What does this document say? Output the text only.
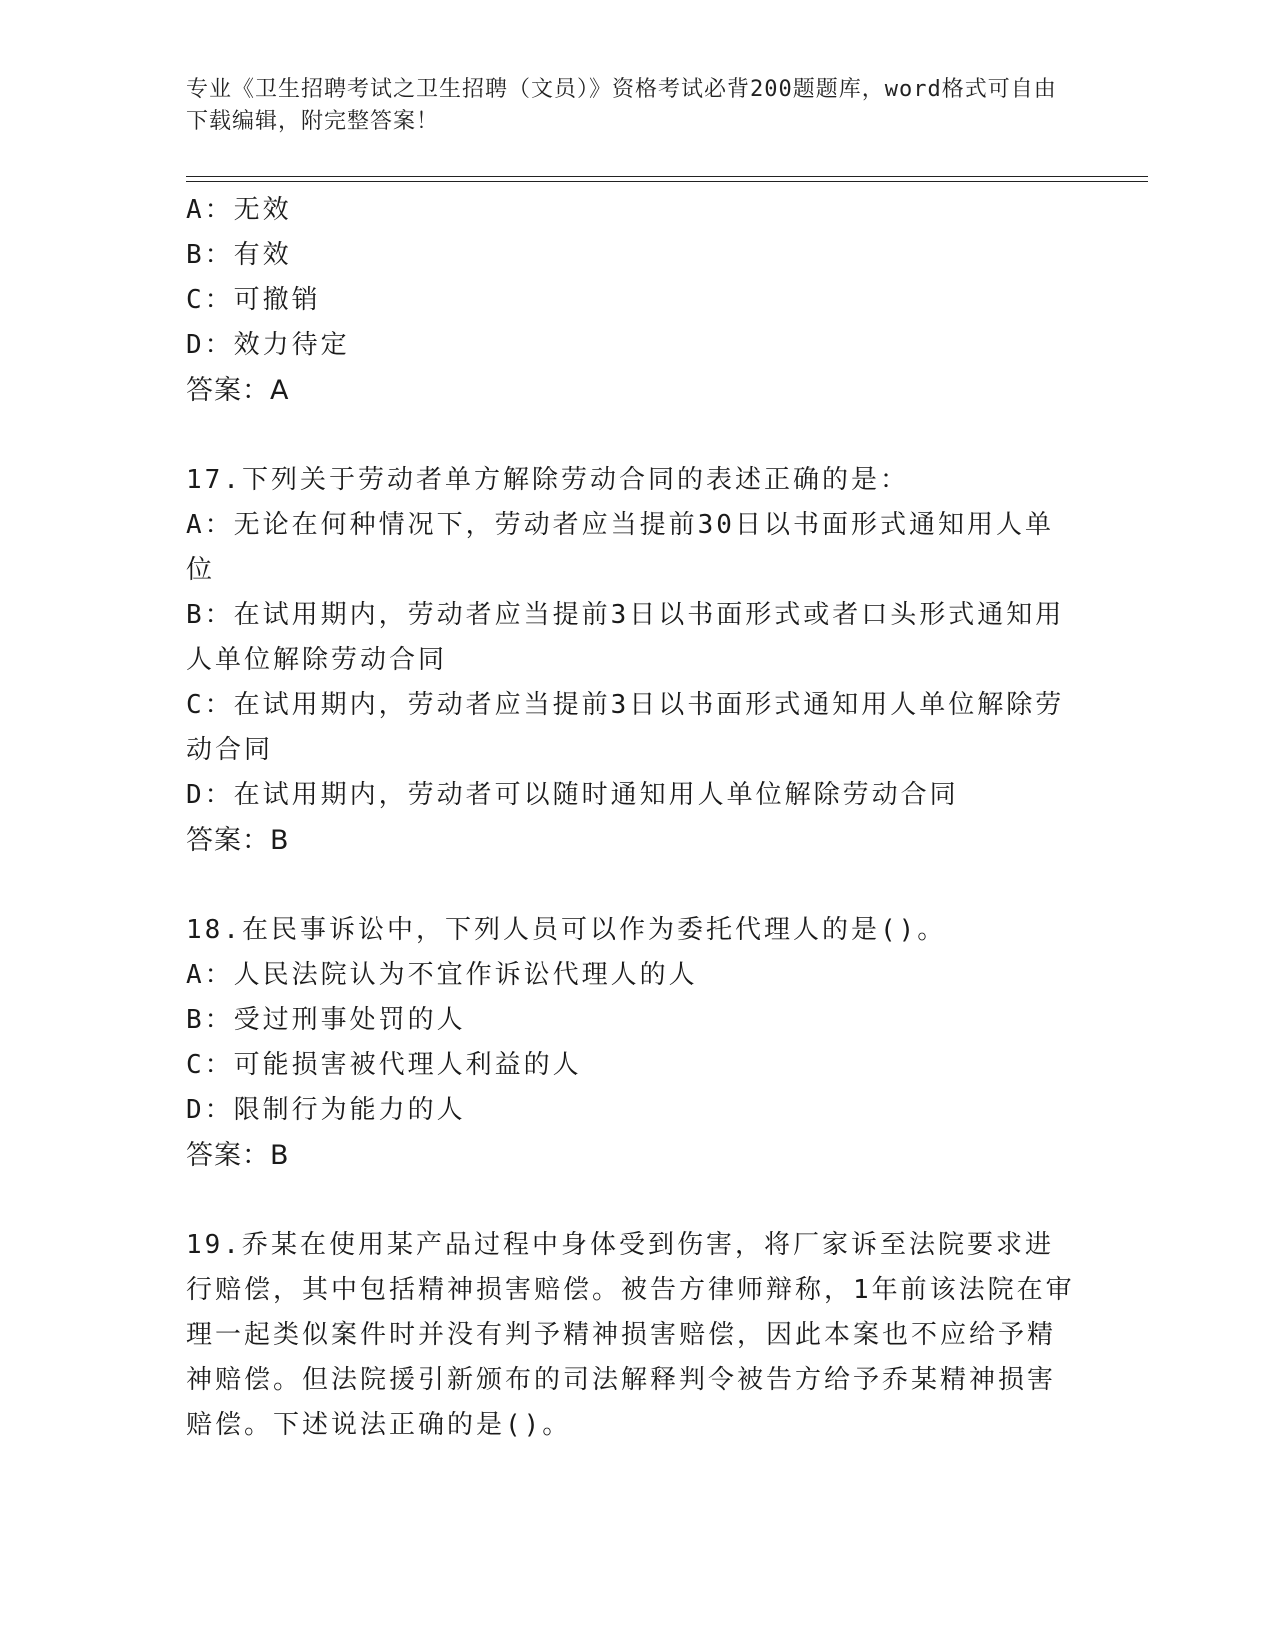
专业《卫生招聘考试之卫生招聘（文员）》资格考试必背200题题库，word格式可自由下载编辑，附完整答案！

A：无效

B：有效

C：可撤销

D：效力待定

答案：A

17.下列关于劳动者单方解除劳动合同的表述正确的是：

A：无论在何种情况下，劳动者应当提前30日以书面形式通知用人单位

B：在试用期内，劳动者应当提前3日以书面形式或者口头形式通知用人单位解除劳动合同

C：在试用期内，劳动者应当提前3日以书面形式通知用人单位解除劳动合同

D：在试用期内，劳动者可以随时通知用人单位解除劳动合同

答案：B

18.在民事诉讼中，下列人员可以作为委托代理人的是()。

A：人民法院认为不宜作诉讼代理人的人

B：受过刑事处罚的人

C：可能损害被代理人利益的人

D：限制行为能力的人

答案：B

19.乔某在使用某产品过程中身体受到伤害，将厂家诉至法院要求进行赔偿，其中包括精神损害赔偿。被告方律师辩称，1年前该法院在审理一起类似案件时并没有判予精神损害赔偿，因此本案也不应给予精神赔偿。但法院援引新颁布的司法解释判令被告方给予乔某精神损害赔偿。下述说法正确的是()。
